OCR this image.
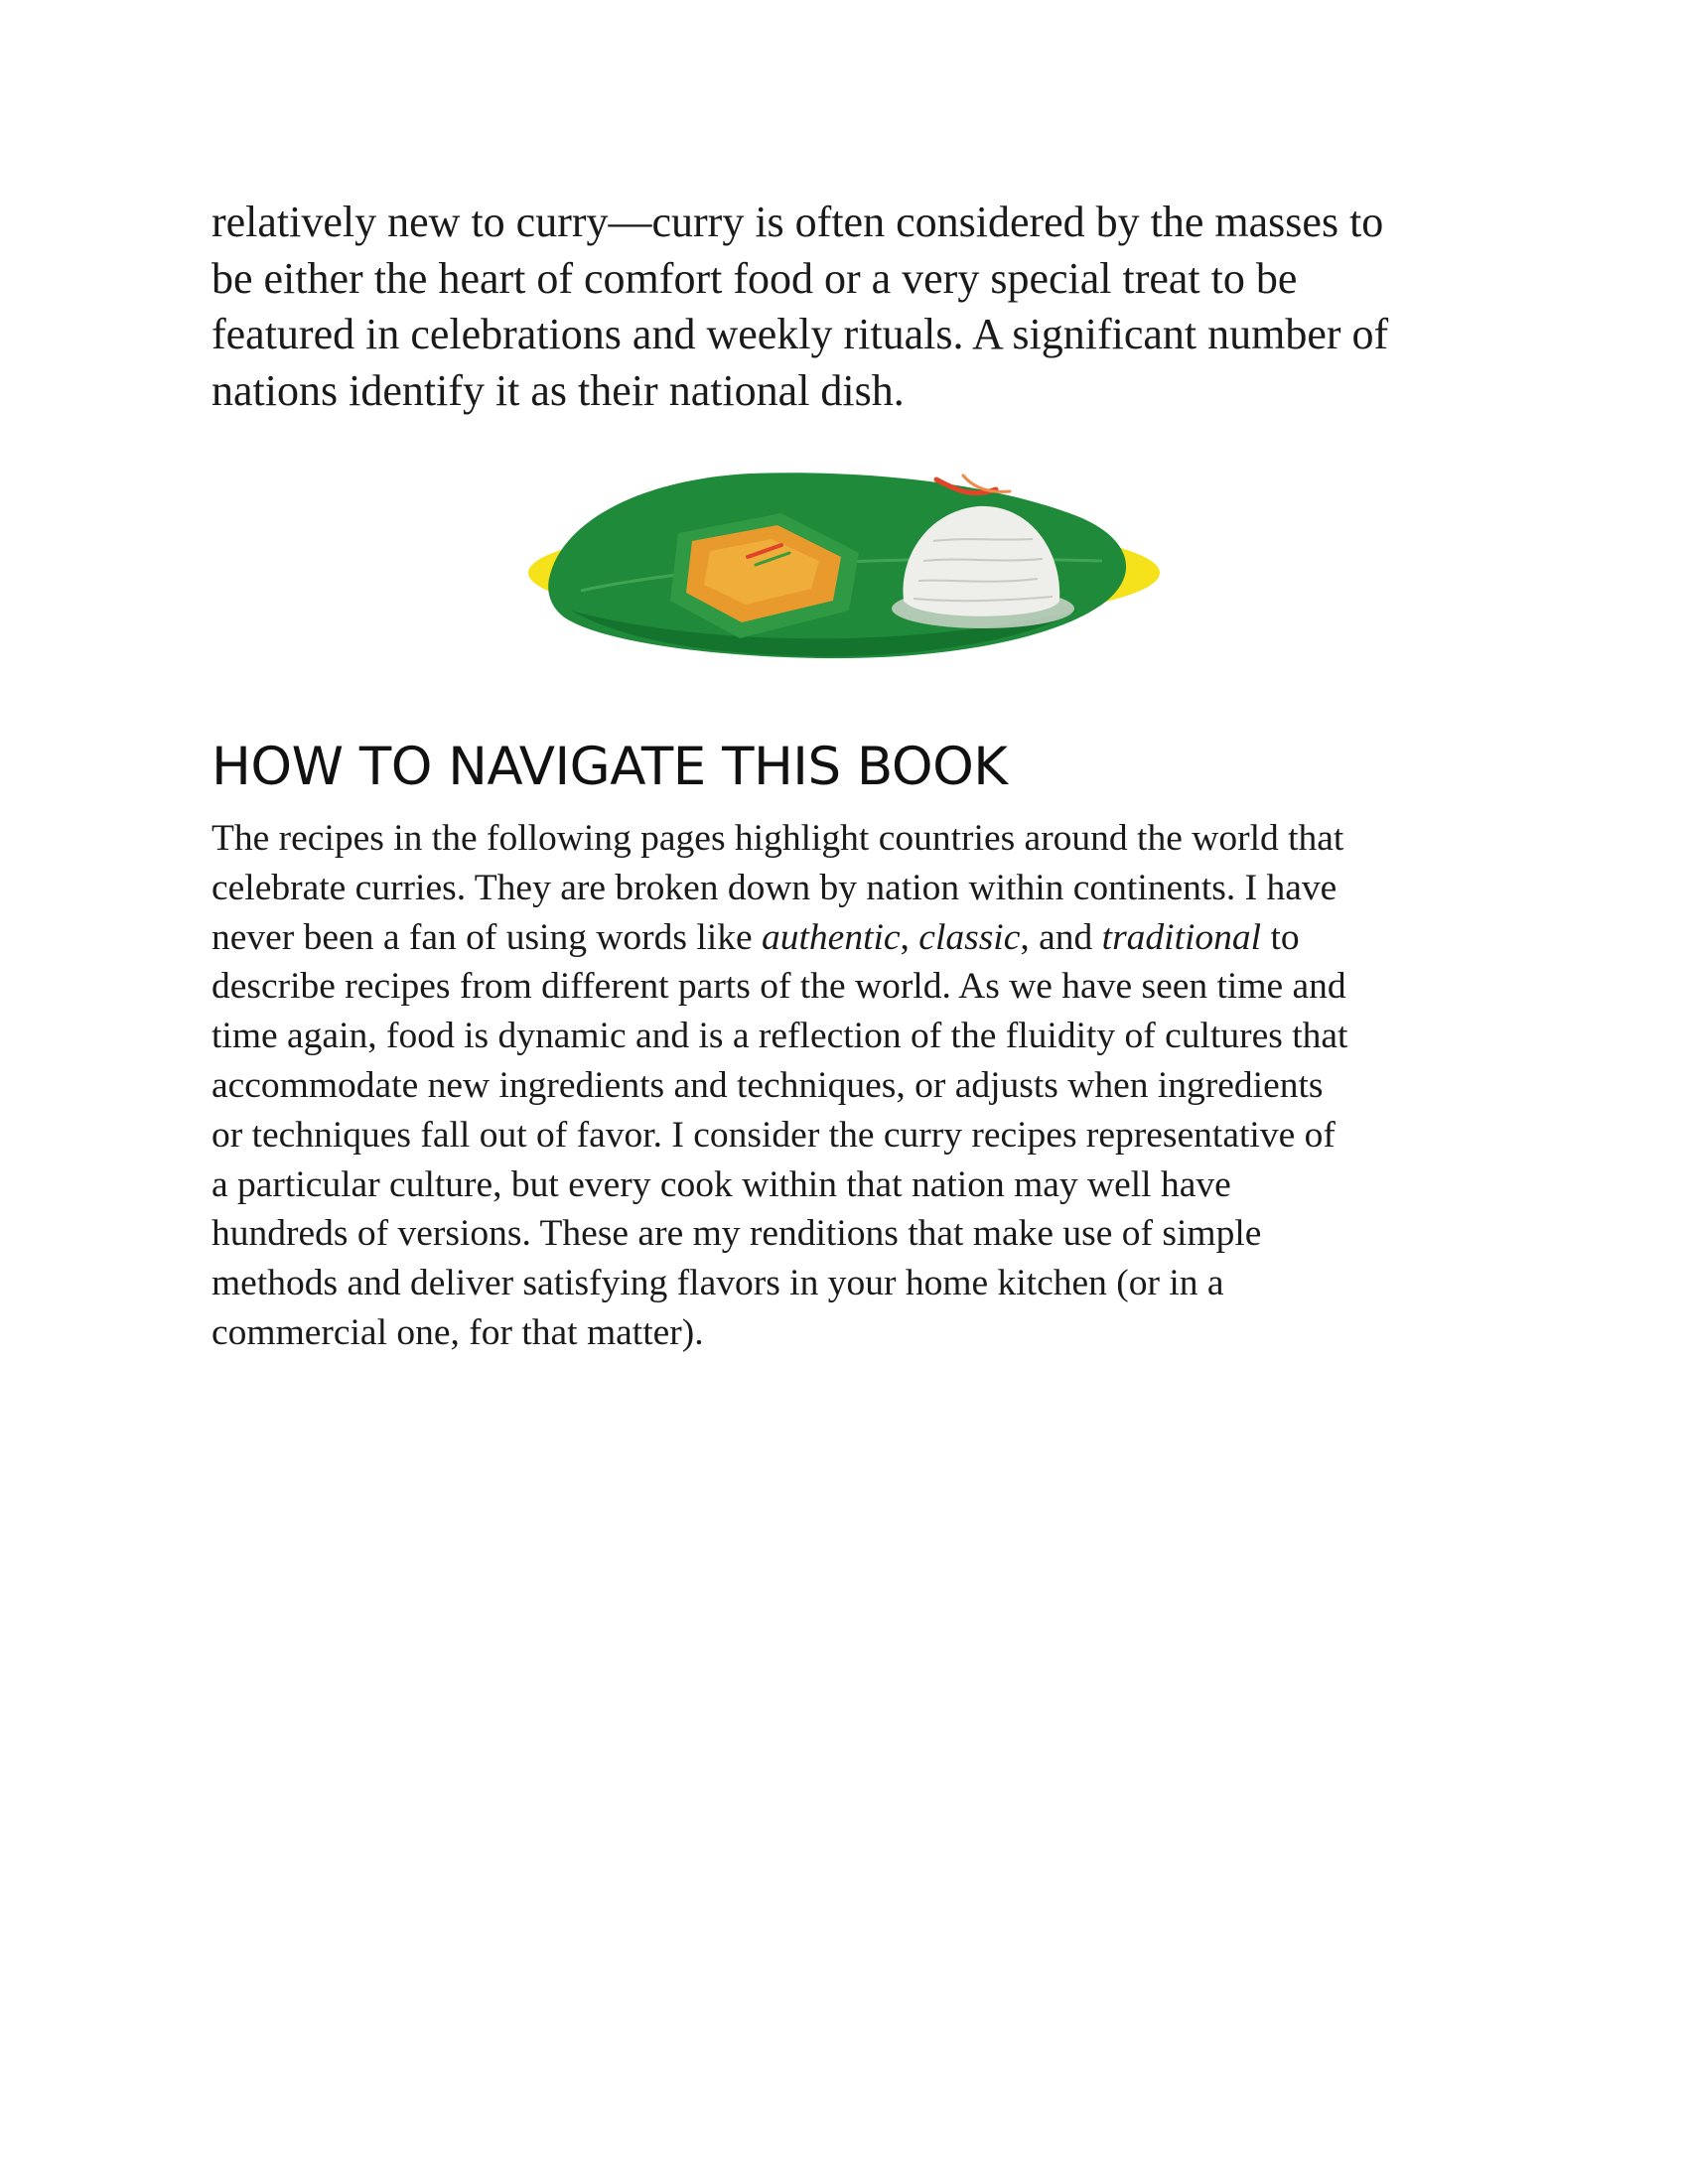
relatively new to curry—curry is often considered by the masses to
be either the heart of comfort food or a very special treat to be
featured in celebrations and weekly rituals. A significant number of
nations identify it as their national dish.

HOW TO NAVIGATE THIS BOOK

The recipes in the following pages highlight countries around the world that
celebrate curries. They are broken down by nation within continents. I have
never been a fan of using words like authentic, classic, and traditional to
describe recipes from different parts of the world. As we have seen time and
time again, food is dynamic and is a reflection of the fluidity of cultures that
accommodate new ingredients and techniques, or adjusts when ingredients
or techniques fall out of favor. I consider the curry recipes representative of
a particular culture, but every cook within that nation may well have
hundreds of versions. These are my renditions that make use of simple
methods and deliver satisfying flavors in your home kitchen (or in a
commercial one, for that matter).
